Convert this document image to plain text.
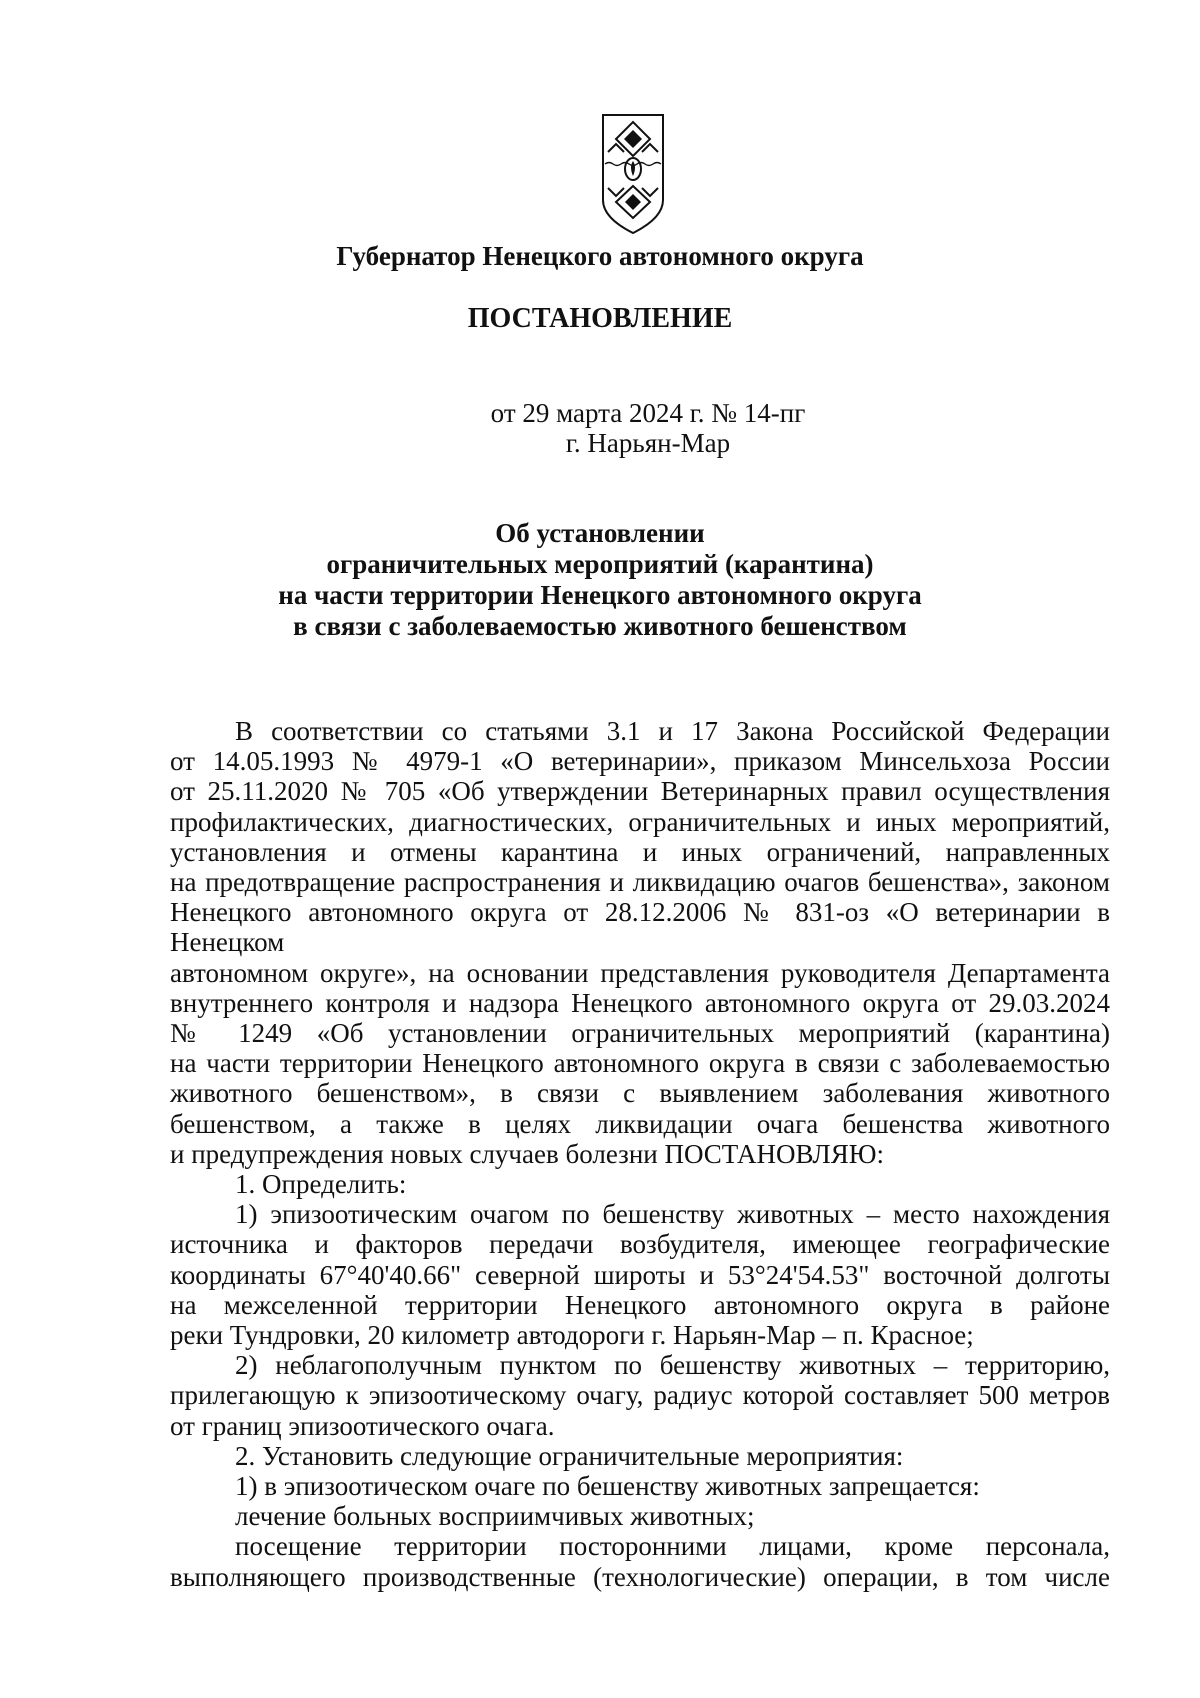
Губернатор Ненецкого автономного округа
ПОСТАНОВЛЕНИЕ
от 29 марта 2024 г. № 14-пг
г. Нарьян-Мар
Об установлении
ограничительных мероприятий (карантина)
на части территории Ненецкого автономного округа
в связи с заболеваемостью животного бешенством

В соответствии со статьями 3.1 и 17 Закона Российской Федерации

от 14.05.1993 № 4979-1 «О ветеринарии», приказом Минсельхоза России

от 25.11.2020 № 705 «Об утверждении Ветеринарных правил осуществления

профилактических, диагностических, ограничительных и иных мероприятий,

установления и отмены карантина и иных ограничений, направленных

на предотвращение распространения и ликвидацию очагов бешенства», законом

Ненецкого автономного округа от 28.12.2006 № 831-оз «О ветеринарии в Ненецком

автономном округе», на основании представления руководителя Департамента

внутреннего контроля и надзора Ненецкого автономного округа от 29.03.2024

№ 1249 «Об установлении ограничительных мероприятий (карантина)

на части территории Ненецкого автономного округа в связи с заболеваемостью

животного бешенством», в связи с выявлением заболевания животного

бешенством, а также в целях ликвидации очага бешенства животного

и предупреждения новых случаев болезни ПОСТАНОВЛЯЮ:

1. Определить:

1) эпизоотическим очагом по бешенству животных – место нахождения

источника и факторов передачи возбудителя, имеющее географические

координаты 67°40'40.66" северной широты и 53°24'54.53" восточной долготы

на межселенной территории Ненецкого автономного округа в районе

реки Тундровки, 20 километр автодороги г. Нарьян-Мар – п. Красное;

2) неблагополучным пунктом по бешенству животных – территорию,

прилегающую к эпизоотическому очагу, радиус которой составляет 500 метров

от границ эпизоотического очага.

2. Установить следующие ограничительные мероприятия:

1) в эпизоотическом очаге по бешенству животных запрещается:

лечение больных восприимчивых животных;

посещение территории посторонними лицами, кроме персонала,

выполняющего производственные (технологические) операции, в том числе
